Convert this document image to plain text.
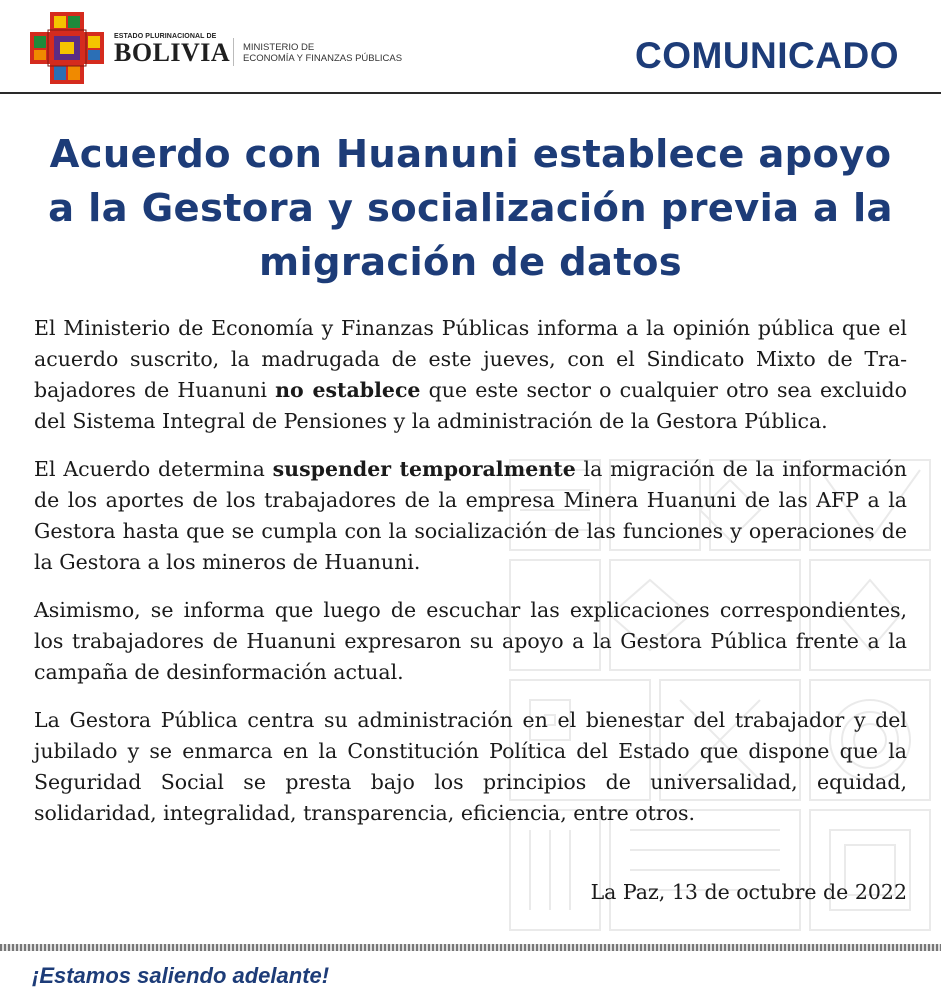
ESTADO PLURINACIONAL DE
BOLIVIA MINISTERIO DE
ECONOMÍA Y FINANZAS PÚBLICAS	COMUNICADO
Acuerdo con Huanuni establece apoyo a la Gestora y socialización previa a la migración de datos

El Ministerio de Economía y Finanzas Públicas informa a la opinión pública que el acuerdo suscrito, la madrugada de este jueves, con el Sindicato Mixto de Trabajadores de Huanuni no establece que este sector o cualquier otro sea excluido del Sistema Integral de Pensiones y la administración de la Gestora Pública.

El Acuerdo determina suspender temporalmente la migración de la información de los aportes de los trabajadores de la empresa Minera Huanuni de las AFP a la Gestora hasta que se cumpla con la socialización de las funciones y operaciones de la Gestora a los mineros de Huanuni.

Asimismo, se informa que luego de escuchar las explicaciones correspondientes, los trabajadores de Huanuni expresaron su apoyo a la Gestora Pública frente a la campaña de desinformación actual.

La Gestora Pública centra su administración en el bienestar del trabajador y del jubilado y se enmarca en la Constitución Política del Estado que dispone que la Seguridad Social se presta bajo los principios de universalidad, equidad, solidaridad, integralidad, transparencia, eficiencia, entre otros.

La Paz, 13 de octubre de 2022
¡Estamos saliendo adelante!
